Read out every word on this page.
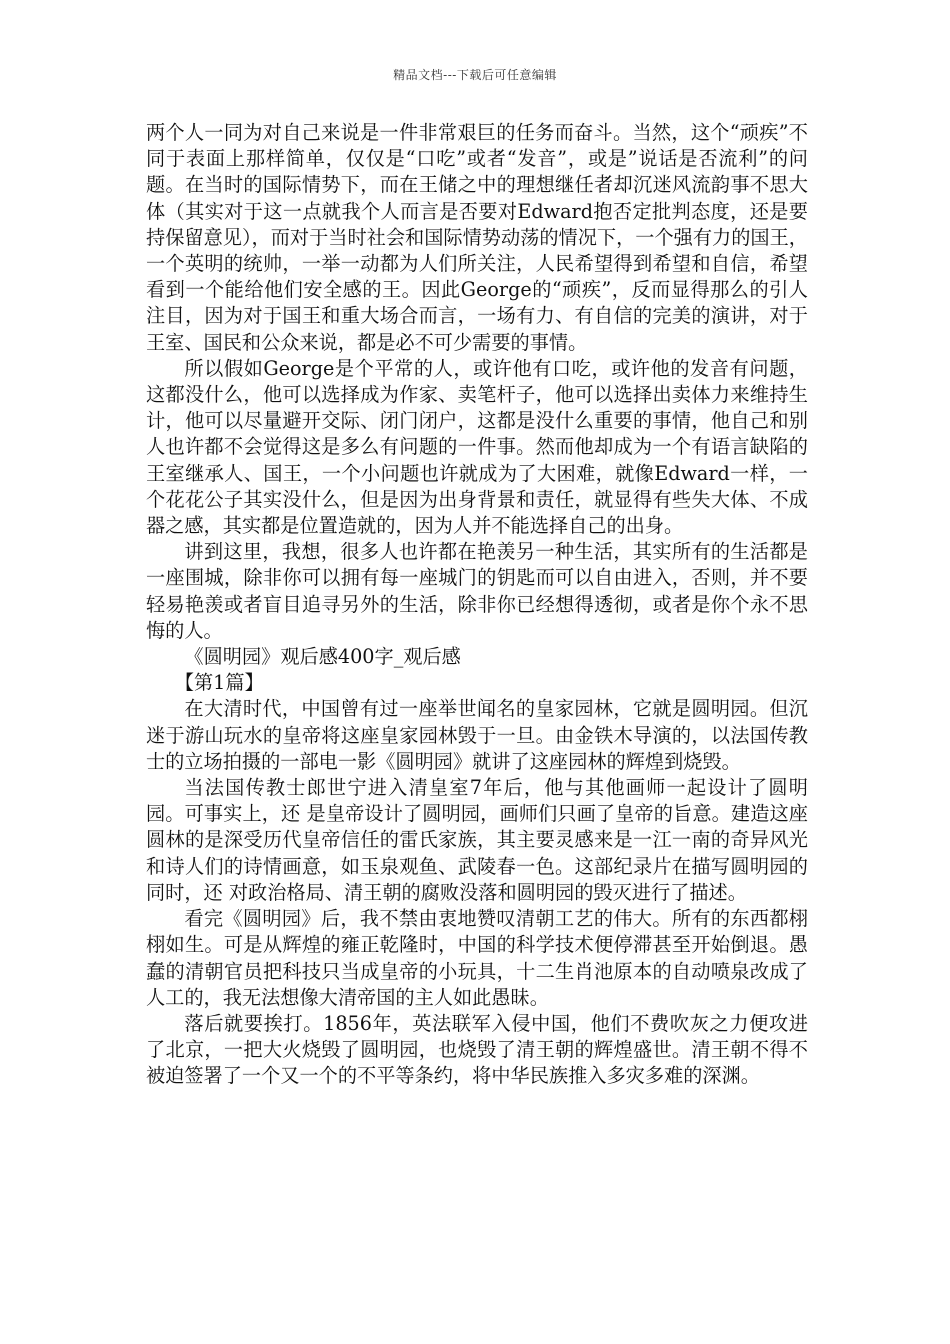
精品文档---下载后可任意编辑

两个人一同为对自己来说是一件非常艰巨的任务而奋斗。当然，这个“顽疾”不同于表面上那样简单，仅仅是“口吃”或者“发音”，或是”说话是否流利”的问题。在当时的国际情势下，而在王储之中的理想继任者却沉迷风流韵事不思大体（其实对于这一点就我个人而言是否要对Edward抱否定批判态度，还是要持保留意见），而对于当时社会和国际情势动荡的情况下，一个强有力的国王，一个英明的统帅，一举一动都为人们所关注，人民希望得到希望和自信，希望看到一个能给他们安全感的王。因此George的“顽疾”，反而显得那么的引人注目，因为对于国王和重大场合而言，一场有力、有自信的完美的演讲，对于王室、国民和公众来说，都是必不可少需要的事情。

所以假如George是个平常的人，或许他有口吃，或许他的发音有问题，这都没什么，他可以选择成为作家、卖笔杆子，他可以选择出卖体力来维持生计，他可以尽量避开交际、闭门闭户，这都是没什么重要的事情，他自己和别人也许都不会觉得这是多么有问题的一件事。然而他却成为一个有语言缺陷的王室继承人、国王，一个小问题也许就成为了大困难，就像Edward一样，一个花花公子其实没什么，但是因为出身背景和责任，就显得有些失大体、不成器之感，其实都是位置造就的，因为人并不能选择自己的出身。

讲到这里，我想，很多人也许都在艳羡另一种生活，其实所有的生活都是一座围城，除非你可以拥有每一座城门的钥匙而可以自由进入，否则，并不要轻易艳羡或者盲目追寻另外的生活，除非你已经想得透彻，或者是你个永不思悔的人。

《圆明园》观后感400字_观后感

【第1篇】

在大清时代，中国曾有过一座举世闻名的皇家园林，它就是圆明园。但沉迷于游山玩水的皇帝将这座皇家园林毁于一旦。由金铁木导演的，以法国传教士的立场拍摄的一部电一影《圆明园》就讲了这座园林的辉煌到烧毁。

当法国传教士郎世宁进入清皇室7年后，他与其他画师一起设计了圆明园。可事实上，还 是皇帝设计了圆明园，画师们只画了皇帝的旨意。建造这座圆林的是深受历代皇帝信任的雷氏家族，其主要灵感来是一江一南的奇异风光和诗人们的诗情画意，如玉泉观鱼、武陵春一色。这部纪录片在描写圆明园的同时，还 对政治格局、清王朝的腐败没落和圆明园的毁灭进行了描述。

看完《圆明园》后，我不禁由衷地赞叹清朝工艺的伟大。所有的东西都栩栩如生。可是从辉煌的雍正乾隆时，中国的科学技术便停滞甚至开始倒退。愚蠢的清朝官员把科技只当成皇帝的小玩具，十二生肖池原本的自动喷泉改成了人工的，我无法想像大清帝国的主人如此愚昧。

落后就要挨打。1856年，英法联军入侵中国，他们不费吹灰之力便攻进了北京，一把大火烧毁了圆明园，也烧毁了清王朝的辉煌盛世。清王朝不得不被迫签署了一个又一个的不平等条约，将中华民族推入多灾多难的深渊。
